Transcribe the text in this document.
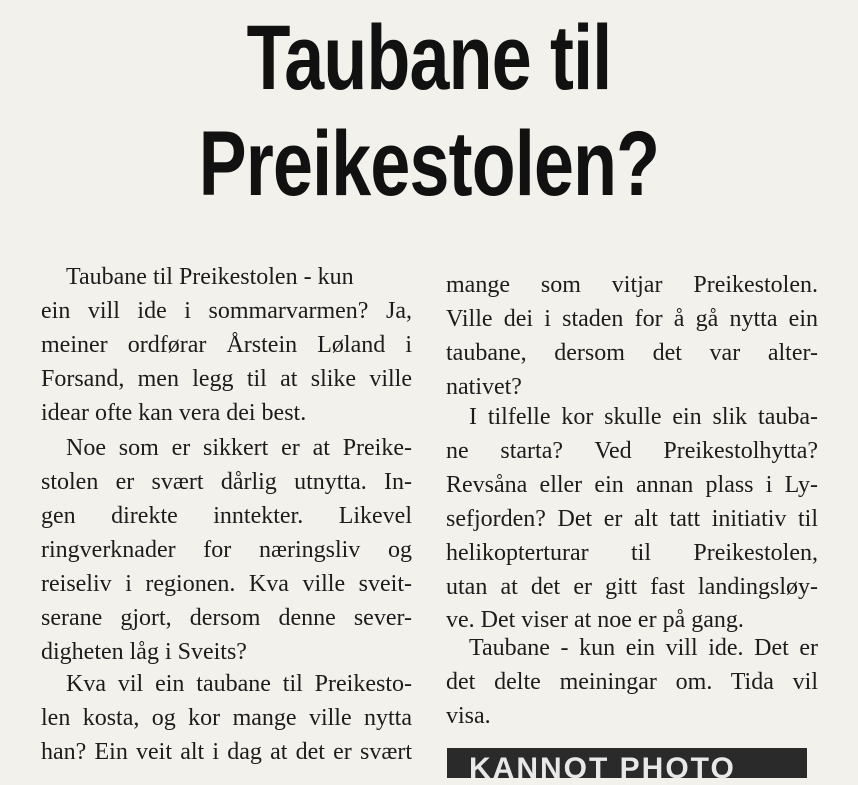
Taubane til
Preikestolen?
Taubane til Preikestolen - kun
ein vill ide i sommarvarmen? Ja,
meiner ordførar Årstein Løland i
Forsand, men legg til at slike ville
idear ofte kan vera dei best.
Noe som er sikkert er at Preike-
stolen er svært dårlig utnytta. In-
gen direkte inntekter. Likevel
ringverknader for næringsliv og
reiseliv i regionen. Kva ville sveit-
serane gjort, dersom denne sever-
digheten låg i Sveits?
Kva vil ein taubane til Preikesto-
len kosta, og kor mange ville nytta
han? Ein veit alt i dag at det er svært
mange som vitjar Preikestolen.
Ville dei i staden for å gå nytta ein
taubane, dersom det var alter-
nativet?
I tilfelle kor skulle ein slik tauba-
ne starta? Ved Preikestolhytta?
Revsåna eller ein annan plass i Ly-
sefjorden? Det er alt tatt initiativ til
helikopterturar til Preikestolen,
utan at det er gitt fast landingsløy-
ve. Det viser at noe er på gang.
Taubane - kun ein vill ide. Det er
det delte meiningar om. Tida vil
visa.
KANNOT PHOTO
